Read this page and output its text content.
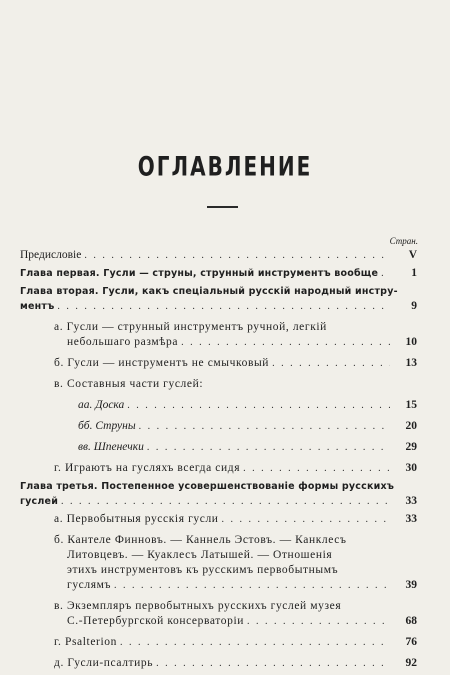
ОГЛАВЛЕНИЕ
Стран.
Предисловіе . . .	V
Глава первая. Гусли — струны, струнный инструментъ вообще . . .	1
Глава вторая. Гусли, какъ спеціальный русскій народный инстру-
ментъ . . .	9
а. Гусли — струнный инструментъ ручной, легкій
небольшаго размѣра . . .	10
б. Гусли — инструментъ не смычковый . . .	13
в. Составныя части гуслей:
аа. Доска . . .	15
бб. Струны . . .	20
вв. Шпенечки . . .	29
г. Играютъ на гусляхъ всегда сидя . . .	30
Глава третья. Постепенное усовершенствованіе формы русскихъ
гуслей . . .	33
а. Первобытныя русскія гусли . . .	33
б. Кантеле Финновъ. — Каннель Эстовъ. — Канклесъ
Литовцевъ. — Куаклесъ Латышей. — Отношенія
этихъ инструментовъ къ русскимъ первобытнымъ
гуслямъ . . .	39
в. Экземпляръ первобытныхъ русскихъ гуслей музея
С.-Петербургской консерваторіи . . .	68
г. Psalterion . . .	76
д. Гусли-псалтирь . . .	92
